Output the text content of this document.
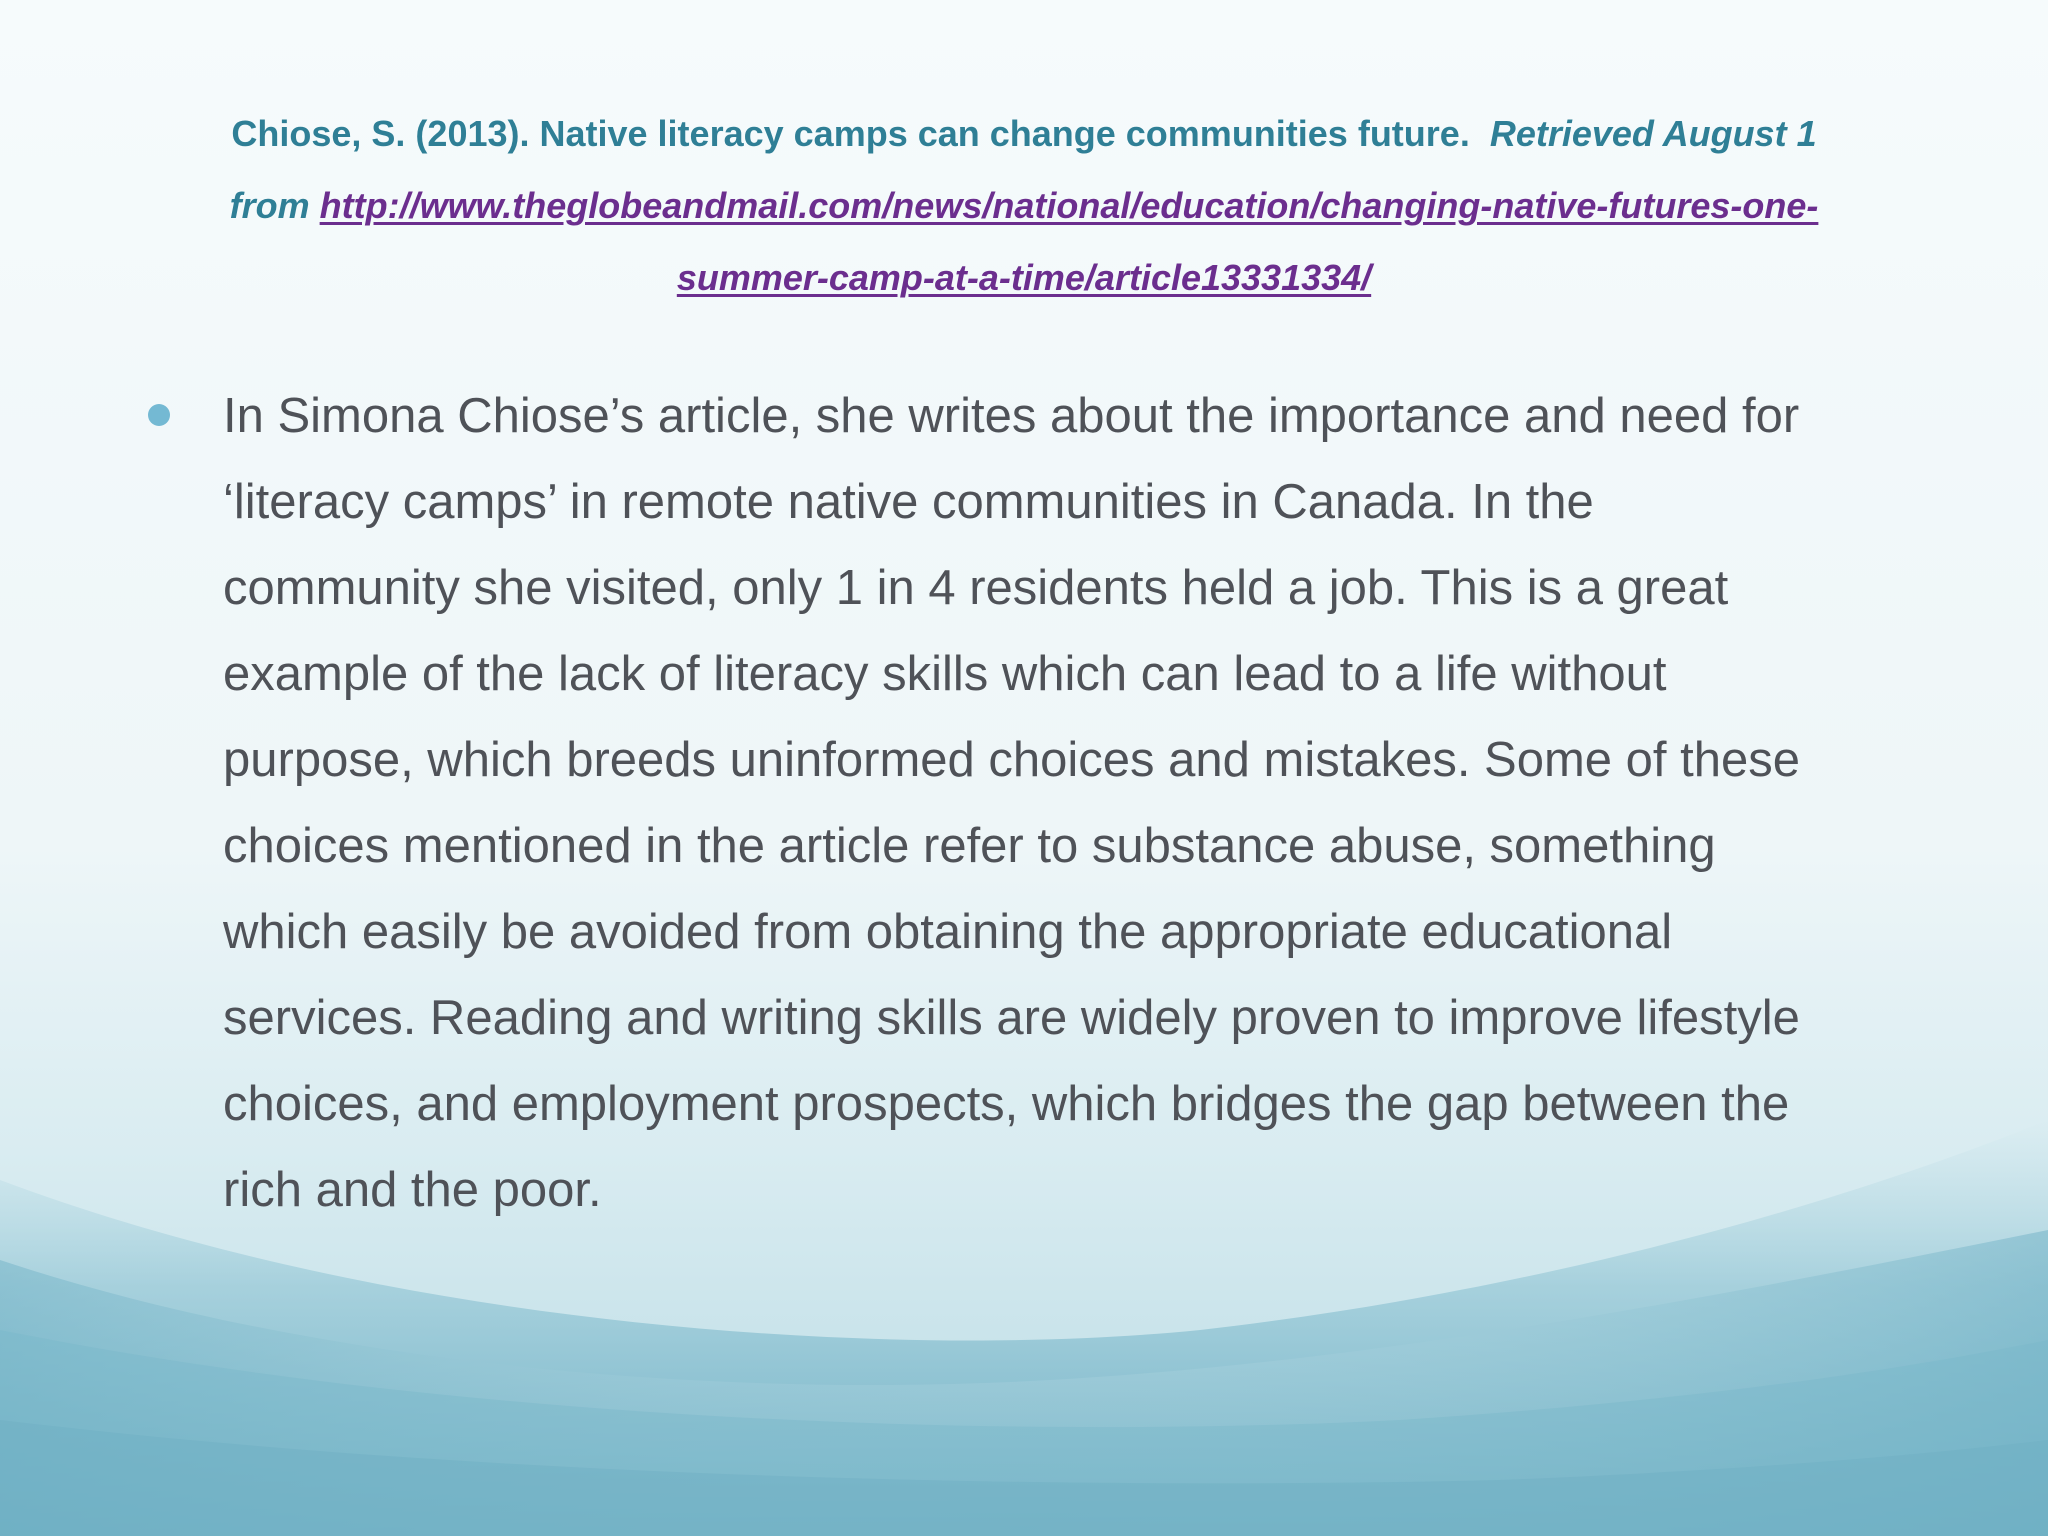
Chiose, S. (2013). Native literacy camps can change communities future. Retrieved August 1
from http://www.theglobeandmail.com/news/national/education/changing-native-futures-one-
summer-camp-at-a-time/article13331334/
In Simona Chiose’s article, she writes about the importance and need for
‘literacy camps’ in remote native communities in Canada. In the
community she visited, only 1 in 4 residents held a job. This is a great
example of the lack of literacy skills which can lead to a life without
purpose, which breeds uninformed choices and mistakes. Some of these
choices mentioned in the article refer to substance abuse, something
which easily be avoided from obtaining the appropriate educational
services. Reading and writing skills are widely proven to improve lifestyle
choices, and employment prospects, which bridges the gap between the
rich and the poor.
